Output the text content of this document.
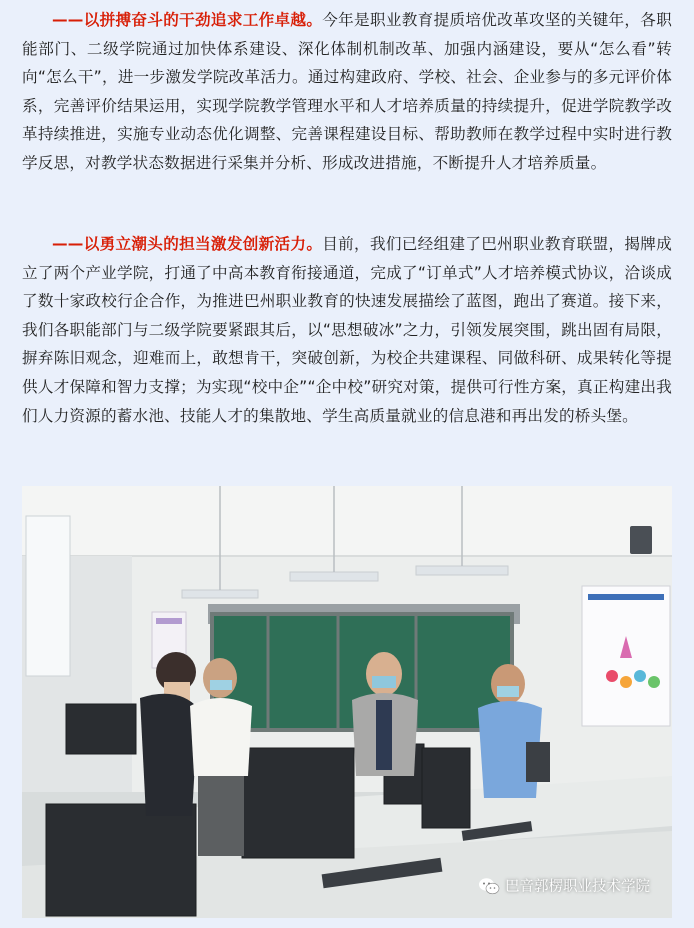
——以拼搏奋斗的干劲追求工作卓越。今年是职业教育提质培优改革攻坚的关键年，各职能部门、二级学院通过加快体系建设、深化体制机制改革、加强内涵建设，要从“怎么看”转向“怎么干”，进一步激发学院改革活力。通过构建政府、学校、社会、企业参与的多元评价体系，完善评价结果运用，实现学院教学管理水平和人才培养质量的持续提升，促进学院教学改革持续推进，实施专业动态优化调整、完善课程建设目标、帮助教师在教学过程中实时进行教学反思，对教学状态数据进行采集并分析、形成改进措施，不断提升人才培养质量。

——以勇立潮头的担当激发创新活力。目前，我们已经组建了巴州职业教育联盟，揭牌成立了两个产业学院，打通了中高本教育衔接通道，完成了“订单式”人才培养模式协议，洽谈成了数十家政校行企合作，为推进巴州职业教育的快速发展描绘了蓝图，跑出了赛道。接下来，我们各职能部门与二级学院要紧跟其后，以“思想破冰”之力，引领发展突围，跳出固有局限，摒弃陈旧观念，迎难而上，敢想肯干，突破创新，为校企共建课程、同做科研、成果转化等提供人才保障和智力支撑；为实现“校中企”“企中校”研究对策，提供可行性方案，真正构建出我们人力资源的蓄水池、技能人才的集散地、学生高质量就业的信息港和再出发的桥头堡。

巴音郭楞职业技术学院
